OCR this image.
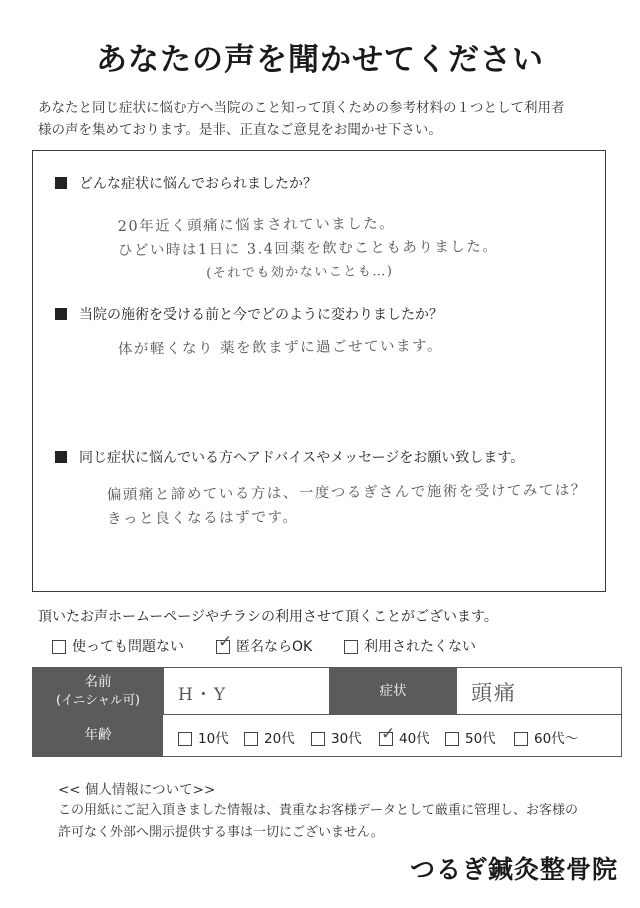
あなたの声を聞かせてください
あなたと同じ症状に悩む方へ当院のこと知って頂くための参考材料の１つとして利用者
様の声を集めております。是非、正直なご意見をお聞かせ下さい。
どんな症状に悩んでおられましたか？
20年近く頭痛に悩まされていました。
ひどい時は1日に 3.4回薬を飲むこともありました。
(それでも効かないことも…)
当院の施術を受ける前と今でどのように変わりましたか？
体が軽くなり 薬を飲まずに過ごせています。
同じ症状に悩んでいる方へアドバイスやメッセージをお願い致します。
偏頭痛と諦めている方は、一度つるぎさんで施術を受けてみては？
きっと良くなるはずです。
頂いたお声ホームーページやチラシの利用させて頂くことがございます。
使っても問題ない ✓ 匿名ならOK	利用されたくない
名前
(イニシャル可)	H・Y	症状	頭痛
年齢	10代	20代	30代 ✓ 40代	50代	60代～
<< 個人情報について>>
この用紙にご記入頂きました情報は、貴重なお客様データとして厳重に管理し、お客様の
許可なく外部へ開示提供する事は一切にございません。
つるぎ鍼灸整骨院
